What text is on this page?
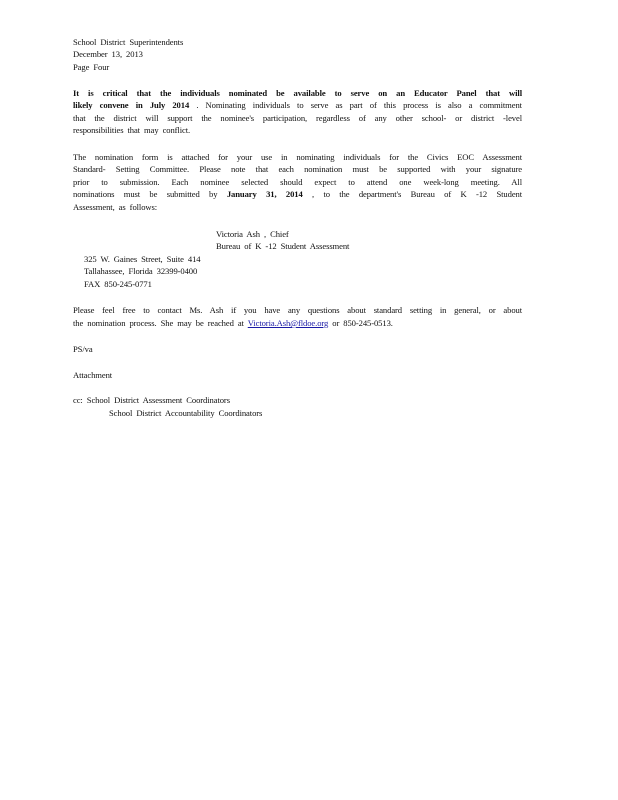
School District Superintendents
December 13, 2013
Page Four
It is critical that the individuals nominated be available to serve on an Educator Panel that will
likely convene in July 2014 . Nominating individuals to serve as part of this process is also a commitment
that the district will support the nominee's participation, regardless of any other school- or district -level
responsibilities that may conflict.
The nomination form is attached for your use in nominating individuals for the Civics EOC Assessment
Standard- Setting Committee. Please note that each nomination must be supported with your signature
prior to submission. Each nominee selected should expect to attend one week-long meeting. All
nominations must be submitted by January 31, 2014 , to the department's Bureau of K -12 Student
Assessment, as follows:
Victoria Ash , Chief
Bureau of K -12 Student Assessment
325 W. Gaines Street, Suite 414
Tallahassee, Florida 32399-0400
FAX 850-245-0771
Please feel free to contact Ms. Ash if you have any questions about standard setting in general, or about
the nomination process. She may be reached at Victoria.Ash@fldoe.org or 850-245-0513.
PS/va
Attachment
cc: School District Assessment Coordinators
School District Accountability Coordinators
